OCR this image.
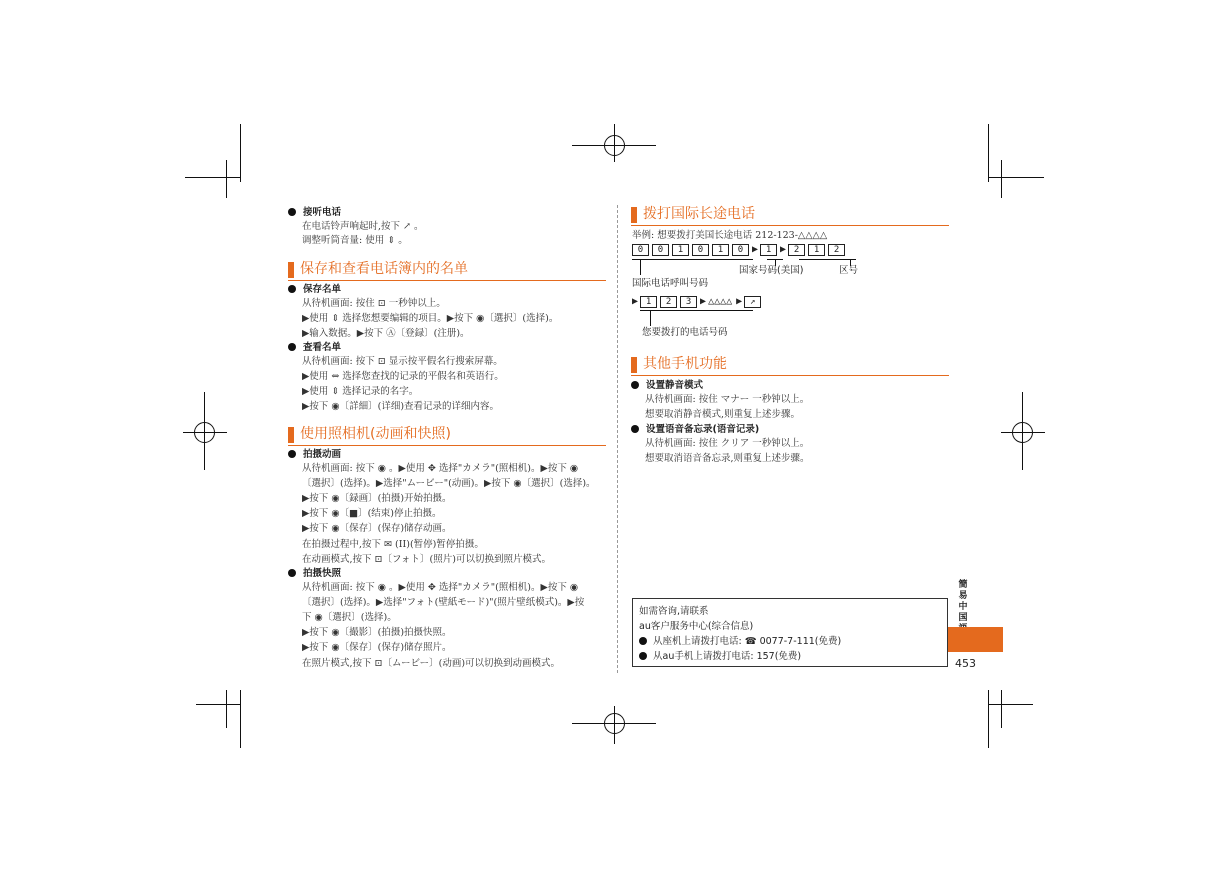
接听电话
在电话铃声响起时,按下 ↗ 。
调整听筒音量: 使用 ⇕ 。
保存和查看电话簿内的名单
保存名单
从待机画面: 按住 ⊡ 一秒钟以上。
▶使用 ⇕ 选择您想要编辑的项目。▶按下 ◉〔選択〕(选择)。
▶输入数据。▶按下 Ⓐ〔登録〕(注册)。
查看名单
从待机画面: 按下 ⊡ 显示按平假名行搜索屏幕。
▶使用 ⇔ 选择您查找的记录的平假名和英语行。
▶使用 ⇕ 选择记录的名字。
▶按下 ◉〔詳細〕(详细)查看记录的详细内容。
使用照相机(动画和快照)
拍摄动画
从待机画面: 按下 ◉ 。▶使用 ✥ 选择"カメラ"(照相机)。▶按下 ◉
〔選択〕(选择)。▶选择"ムービー"(动画)。▶按下 ◉〔選択〕(选择)。
▶按下 ◉〔録画〕(拍摄)开始拍摄。
▶按下 ◉〔■〕(结束)停止拍摄。
▶按下 ◉〔保存〕(保存)储存动画。
在拍摄过程中,按下 ✉ (II)(暂停)暂停拍摄。
在动画模式,按下 ⊡〔フォト〕(照片)可以切换到照片模式。
拍摄快照
从待机画面: 按下 ◉ 。▶使用 ✥ 选择"カメラ"(照相机)。▶按下 ◉
〔選択〕(选择)。▶选择"フォト(壁紙モード)"(照片壁纸模式)。▶按
下 ◉〔選択〕(选择)。
▶按下 ◉〔撮影〕(拍摄)拍摄快照。
▶按下 ◉〔保存〕(保存)储存照片。
在照片模式,按下 ⊡〔ムービー〕(动画)可以切换到动画模式。
拨打国际长途电话
举例: 想要拨打美国长途电话 212-123-△△△△
0 0 1 0 1 0 ▶ 1 ▶ 2 1 2
国家号码(美国)	区号
国际电话呼叫号码
▶ 1 2 3 ▶ △△△△ ▶ ↗
您要拨打的电话号码
其他手机功能
设置静音模式
从待机画面: 按住 マナー 一秒钟以上。
想要取消静音模式,则重复上述步骤。
设置语音备忘录(语音记录)
从待机画面: 按住 クリア 一秒钟以上。
想要取消语音备忘录,则重复上述步骤。
如需咨询,请联系
au客户服务中心(综合信息)
从座机上请拨打电话: ☎ 0077-7-111(免费)
从au手机上请拨打电话: 157(免费)
簡易中国
453
